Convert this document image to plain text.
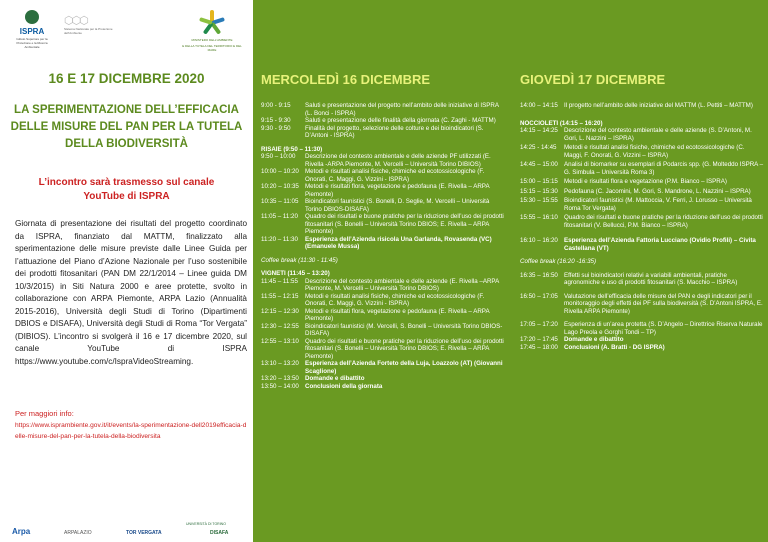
ISPRA
Istituto Superiore per la Protezione e la Ricerca Ambientale
⬡⬡⬡
Sistema Nazionale per la Protezione dell'Ambiente
MINISTERO DELL'AMBIENTE
E DELLA TUTELA DEL TERRITORIO E DEL MARE
16 E 17 DICEMBRE 2020
LA SPERIMENTAZIONE DELL’EFFICACIA DELLE MISURE DEL PAN PER LA TUTELA DELLA BIODIVERSITÀ
L’incontro sarà trasmesso sul canale YouTube di ISPRA
Giornata di presentazione dei risultati del progetto coordinato da ISPRA, finanziato dal MATTM, finalizzato alla sperimentazione delle misure previste dalle Linee Guida per l’attuazione del Piano d’Azione Nazionale per l’uso sostenibile dei prodotti fitosanitari (PAN DM 22/1/2014 – Linee guida DM 10/3/2015) in Siti Natura 2000 e aree protette, svolto in collaborazione con ARPA Piemonte, ARPA Lazio (Annualità 2015-2016), Università degli Studi di Torino (Dipartimenti DBIOS e DISAFA), Università degli Studi di Roma “Tor Vergata” (DIBIOS). L’incontro si svolgerà il 16 e 17 dicembre 2020, sul canale YouTube di ISPRA https://www.youtube.com/c/IspraVideoStreaming.
Per maggiori info:
https://www.isprambiente.gov.it/it/events/la-sperimentazione-dell2019efficacia-delle-misure-del-pan-per-la-tutela-della-biodiversita
Arpa	ARPALAZIO	TOR VERGATA	DISAFA
UNIVERSITÀ DI TORINO
MERCOLEDÌ 16 DICEMBRE
9:00 - 9:15	Saluti e presentazione del progetto nell’ambito delle iniziative di ISPRA (L. Bonci - ISPRA)
9:15 - 9:30	Saluti e presentazione delle finalità della giornata (C. Zaghi - MATTM)
9:30 - 9:50	Finalità del progetto, selezione delle colture e dei bioindicatori (S. D’Antoni - ISPRA)
RISAIE (9:50 – 11:30)
9:50 – 10:00	Descrizione del contesto ambientale e delle aziende PF utilizzati (E. Rivella -ARPA Piemonte, M. Vercelli – Università Torino DIBIOS)
10:00 – 10:20 Metodi e risultati analisi fisiche, chimiche ed ecotossicologiche (F. Onorati, C. Maggi, G. Vizzini - ISPRA)
10:20 – 10:35 Metodi e risultati flora, vegetazione e pedofauna (E. Rivella – ARPA Piemonte)
10:35 – 11:05	Bioindicatori faunistici (S. Bonelli, D. Seglie, M. Vercelli – Università Torino DBIOS-DISAFA)
11:05 – 11:20	Quadro dei risultati e buone pratiche per la riduzione dell’uso dei prodotti fitosanitari (S. Bonelli – Università Torino DBIOS; E. Rivella – ARPA Piemonte)
11:20 – 11:30	Esperienza dell’Azienda risicola Una Garlanda, Rovasenda (VC) (Emanuele Mussa)
Coffee break (11:30 - 11:45)
VIGNETI (11:45 – 13:20)
11:45 – 11:55	Descrizione del contesto ambientale e delle aziende (E. Rivella –ARPA Piemonte, M. Vercelli – Università Torino DBIOS)
11:55 – 12:15	Metodi e risultati analisi fisiche, chimiche ed ecotossicologiche (F. Onorati, C. Maggi, G. Vizzini - ISPRA)
12:15 – 12:30 Metodi e risultati flora, vegetazione e pedofauna (E. Rivella – ARPA Piemonte)
12:30 – 12:55 Bioindicatori faunistici (M. Vercelli, S. Bonelli – Università Torino DBIOS-DISAFA)
12:55 – 13:10 Quadro dei risultati e buone pratiche per la riduzione dell’uso dei prodotti fitosanitari (S. Bonelli – Università Torino DBIOS; E. Rivella – ARPA Piemonte)
13:10 – 13:20 Esperienza dell’Azienda Forteto della Luja, Loazzolo (AT) (Giovanni Scaglione)
13:20 – 13:50 Domande e dibattito
13:50 – 14:00 Conclusioni della giornata
GIOVEDÌ 17 DICEMBRE
14:00 – 14:15 Il progetto nell’ambito delle iniziative del MATTM (L. Pettiti – MATTM)
NOCCIOLETI (14:15 – 16:20)
14:15 – 14:25 Descrizione del contesto ambientale e delle aziende (S. D’Antoni, M. Gori, L. Nazzini – ISPRA)
14:25 - 14:45	Metodi e risultati analisi fisiche, chimiche ed ecotossicologiche (C. Maggi, F. Onorati, G. Vizzini – ISPRA)
14:45 – 15:00 Analisi di biomarker su esemplari di Podarcis spp. (G. Molteddo ISPRA – G. Simbula – Università Roma 3)
15:00 – 15:15 Metodi e risultati flora e vegetazione (P.M. Bianco – ISPRA)
15:15 – 15:30 Pedofauna (C. Jacomini, M. Gori, S. Mandrone, L. Nazzini – ISPRA)
15:30 – 15:55 Bioindicatori faunistici (M. Mattoccia, V. Ferri, J. Lorusso – Università Roma Tor Vergata)
15:55 – 16:10 Quadro dei risultati e buone pratiche per la riduzione dell’uso dei prodotti fitosanitari (V. Bellucci, P.M. Bianco – ISPRA)
16:10 – 16:20 Esperienza dell’Azienda Fattoria Lucciano (Ovidio Profili) – Civita Castellana (VT)
Coffee break (16:20 -16:35)
16:35 – 16:50 Effetti sui bioindicatori relativi a variabili ambientali, pratiche agronomiche e uso di prodotti fitosanitari (S. Macchio – ISPRA)
16:50 – 17:05 Valutazione dell’efficacia delle misure del PAN e degli indicatori per il monitoraggio degli effetti dei PF sulla biodiversità (S. D’Antoni ISPRA, E. Rivella ARPA Piemonte)
17:05 – 17:20 Esperienza di un’area protetta (S. D’Angelo – Direttrice Riserva Naturale Lago Preola e Gorghi Tondi – TP)
17:20 – 17:45 Domande e dibattito
17:45 – 18:00 Conclusioni (A. Bratti - DG ISPRA)
